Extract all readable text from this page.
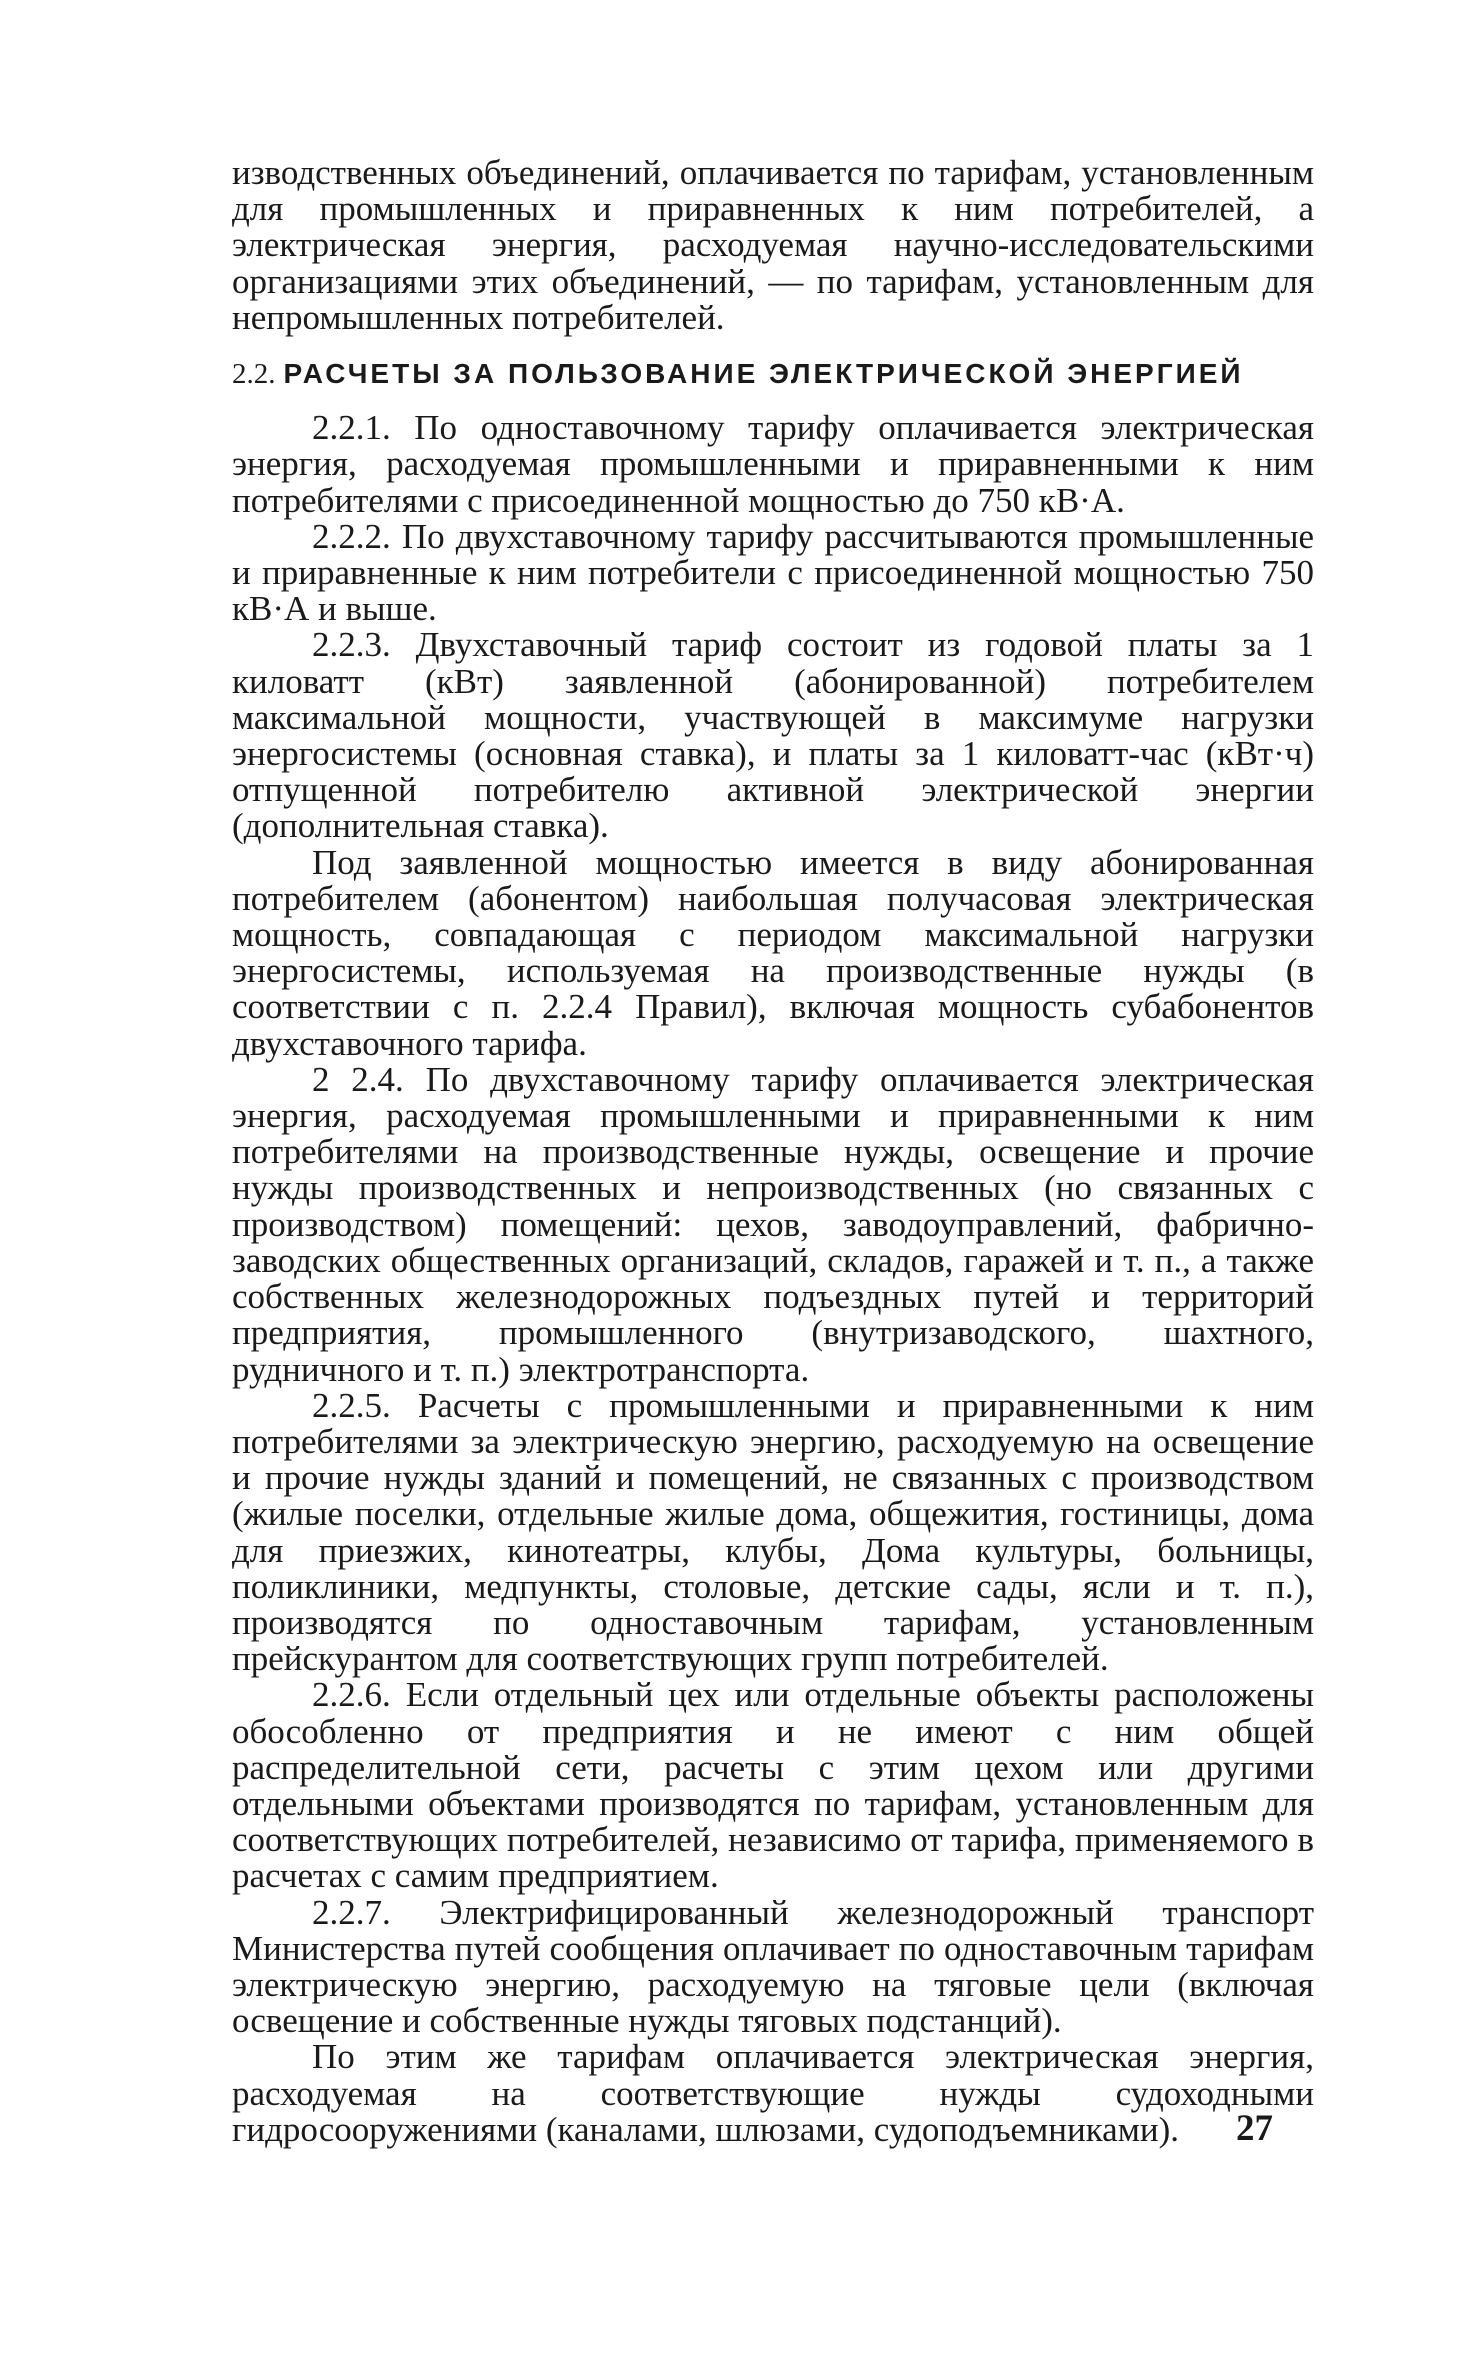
изводственных объединений, оплачивается по тарифам, установленным для промышленных и приравненных к ним потребителей, а электрическая энергия, расходуемая научно-исследовательскими организациями этих объединений, — по тарифам, установленным для непромышленных потребителей.

2.2. РАСЧЕТЫ ЗА ПОЛЬЗОВАНИЕ ЭЛЕКТРИЧЕСКОЙ ЭНЕРГИЕЙ

2.2.1. По одноставочному тарифу оплачивается электрическая энергия, расходуемая промышленными и приравненными к ним потребителями с присоединенной мощностью до 750 кВ·А.

2.2.2. По двухставочному тарифу рассчитываются промышленные и приравненные к ним потребители с присоединенной мощностью 750 кВ·А и выше.

2.2.3. Двухставочный тариф состоит из годовой платы за 1 киловатт (кВт) заявленной (абонированной) потребителем максимальной мощности, участвующей в максимуме нагрузки энергосистемы (основная ставка), и платы за 1 киловатт-час (кВт·ч) отпущенной потребителю активной электрической энергии (дополнительная ставка).

Под заявленной мощностью имеется в виду абонированная потребителем (абонентом) наибольшая получасовая электрическая мощность, совпадающая с периодом максимальной нагрузки энергосистемы, используемая на производственные нужды (в соответствии с п. 2.2.4 Правил), включая мощность субабонентов двухставочного тарифа.

2 2.4. По двухставочному тарифу оплачивается электрическая энергия, расходуемая промышленными и приравненными к ним потребителями на производственные нужды, освещение и прочие нужды производственных и непроизводственных (но связанных с производством) помещений: цехов, заводоуправлений, фабрично-заводских общественных организаций, складов, гаражей и т. п., а также собственных железнодорожных подъездных путей и территорий предприятия, промышленного (внутризаводского, шахтного, рудничного и т. п.) электротранспорта.

2.2.5. Расчеты с промышленными и приравненными к ним потребителями за электрическую энергию, расходуемую на освещение и прочие нужды зданий и помещений, не связанных с производством (жилые поселки, отдельные жилые дома, общежития, гостиницы, дома для приезжих, кинотеатры, клубы, Дома культуры, больницы, поликлиники, медпункты, столовые, детские сады, ясли и т. п.), производятся по одноставочным тарифам, установленным прейскурантом для соответствующих групп потребителей.

2.2.6. Если отдельный цех или отдельные объекты расположены обособленно от предприятия и не имеют с ним общей распределительной сети, расчеты с этим цехом или другими отдельными объектами производятся по тарифам, установленным для соответствующих потребителей, независимо от тарифа, применяемого в расчетах с самим предприятием.

2.2.7. Электрифицированный железнодорожный транспорт Министерства путей сообщения оплачивает по одноставочным тарифам электрическую энергию, расходуемую на тяговые цели (включая освещение и собственные нужды тяговых подстанций).

По этим же тарифам оплачивается электрическая энергия, расходуемая на соответствующие нужды судоходными гидросооружениями (каналами, шлюзами, судоподъемниками).	27
